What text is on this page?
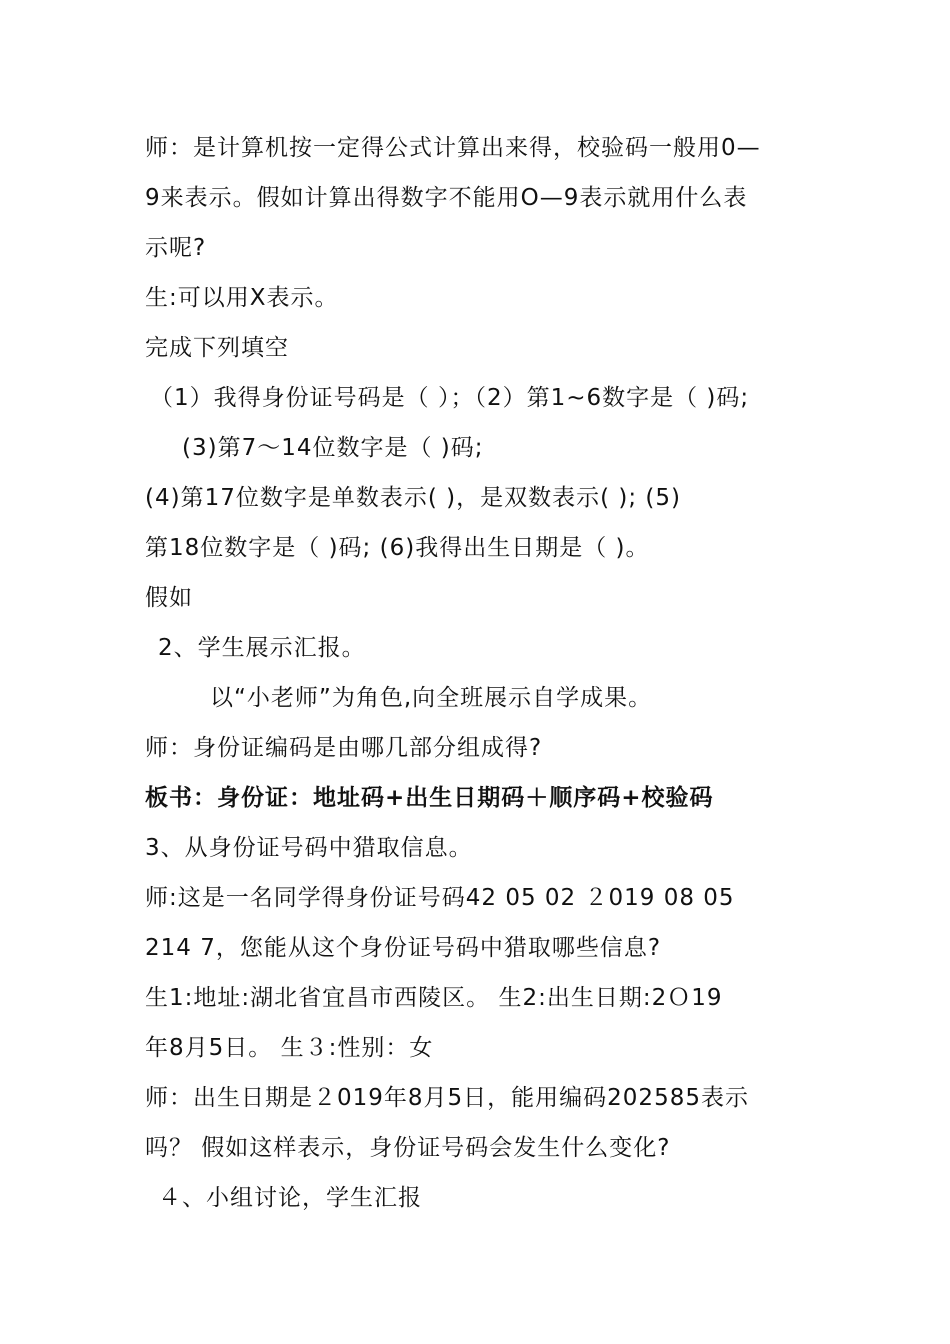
师：是计算机按一定得公式计算出来得，校验码一般用0—
9来表示。假如计算出得数字不能用O—9表示就用什么表
示呢?
生:可以用Χ表示。
完成下列填空
（1）我得身份证号码是（ ）；（2）第1~6数字是（ )码;
(3)第7～14位数字是（ )码;
(4)第17位数字是单数表示( )，是双数表示( ); (5)
第18位数字是（ )码; (6)我得出生日期是（ )。
假如
2、学生展示汇报。
以“小老师”为角色,向全班展示自学成果。
师：身份证编码是由哪几部分组成得?
板书：身份证：地址码+出生日期码＋顺序码+校验码
3、从身份证号码中猎取信息。
师:这是一名同学得身份证号码42 05 02 ２019 08 05
214 7，您能从这个身份证号码中猎取哪些信息?
生1:地址:湖北省宜昌市西陵区。 生2:出生日期:2Ｏ19
年8月5日。 生３:性别：女
师：出生日期是２019年8月5日，能用编码202585表示
吗？ 假如这样表示，身份证号码会发生什么变化?
４、小组讨论，学生汇报
